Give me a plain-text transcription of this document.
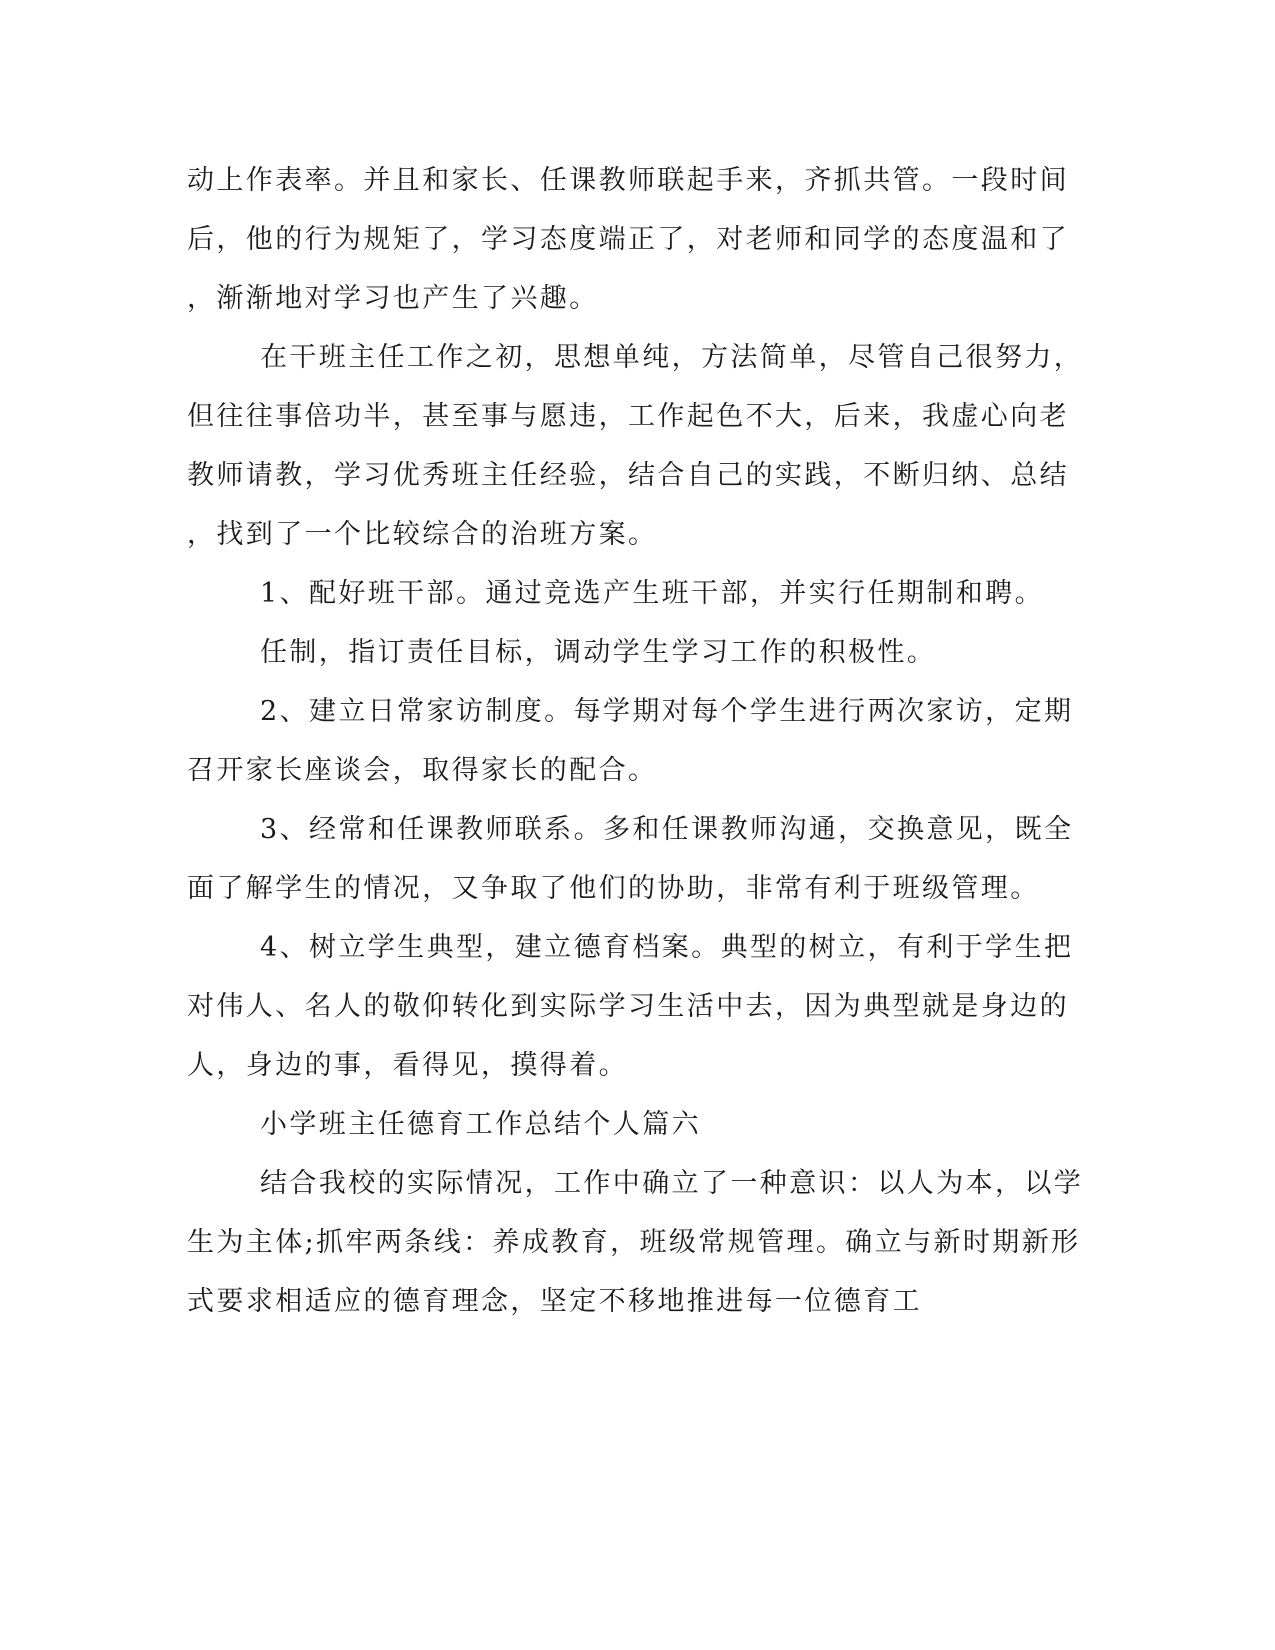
动上作表率。并且和家长、任课教师联起手来，齐抓共管。一段时间

后，他的行为规矩了，学习态度端正了，对老师和同学的态度温和了

，渐渐地对学习也产生了兴趣。

在干班主任工作之初，思想单纯，方法简单，尽管自己很努力，

但往往事倍功半，甚至事与愿违，工作起色不大，后来，我虚心向老

教师请教，学习优秀班主任经验，结合自己的实践，不断归纳、总结

，找到了一个比较综合的治班方案。

1、配好班干部。通过竞选产生班干部，并实行任期制和聘。

任制，指订责任目标，调动学生学习工作的积极性。

2、建立日常家访制度。每学期对每个学生进行两次家访，定期

召开家长座谈会，取得家长的配合。

3、经常和任课教师联系。多和任课教师沟通，交换意见，既全

面了解学生的情况，又争取了他们的协助，非常有利于班级管理。

4、树立学生典型，建立德育档案。典型的树立，有利于学生把

对伟人、名人的敬仰转化到实际学习生活中去，因为典型就是身边的

人，身边的事，看得见，摸得着。

小学班主任德育工作总结个人篇六

结合我校的实际情况，工作中确立了一种意识：以人为本，以学

生为主体;抓牢两条线：养成教育，班级常规管理。确立与新时期新形

式要求相适应的德育理念，坚定不移地推进每一位德育工
